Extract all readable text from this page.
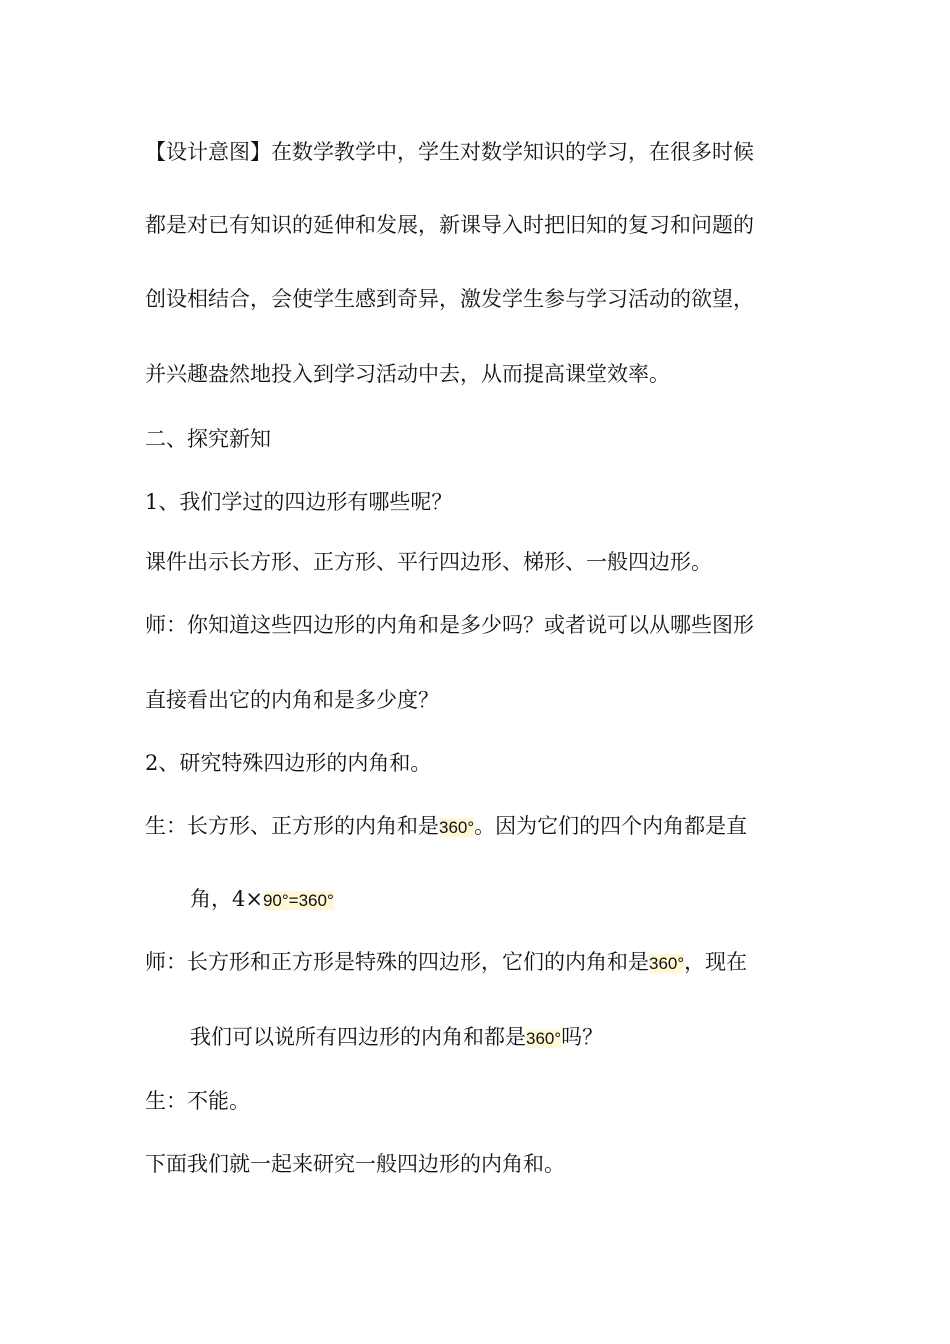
【设计意图】在数学教学中，学生对数学知识的学习，在很多时候
都是对已有知识的延伸和发展，新课导入时把旧知的复习和问题的
创设相结合，会使学生感到奇异，激发学生参与学习活动的欲望，
并兴趣盎然地投入到学习活动中去，从而提高课堂效率。
二、探究新知
1、我们学过的四边形有哪些呢？
课件出示长方形、正方形、平行四边形、梯形、一般四边形。
师：你知道这些四边形的内角和是多少吗？或者说可以从哪些图形
直接看出它的内角和是多少度？
2、研究特殊四边形的内角和。
生：长方形、正方形的内角和是360°。因为它们的四个内角都是直
角，4×90°=360°
师：长方形和正方形是特殊的四边形，它们的内角和是360°，现在
我们可以说所有四边形的内角和都是360°吗？
生：不能。
下面我们就一起来研究一般四边形的内角和。
